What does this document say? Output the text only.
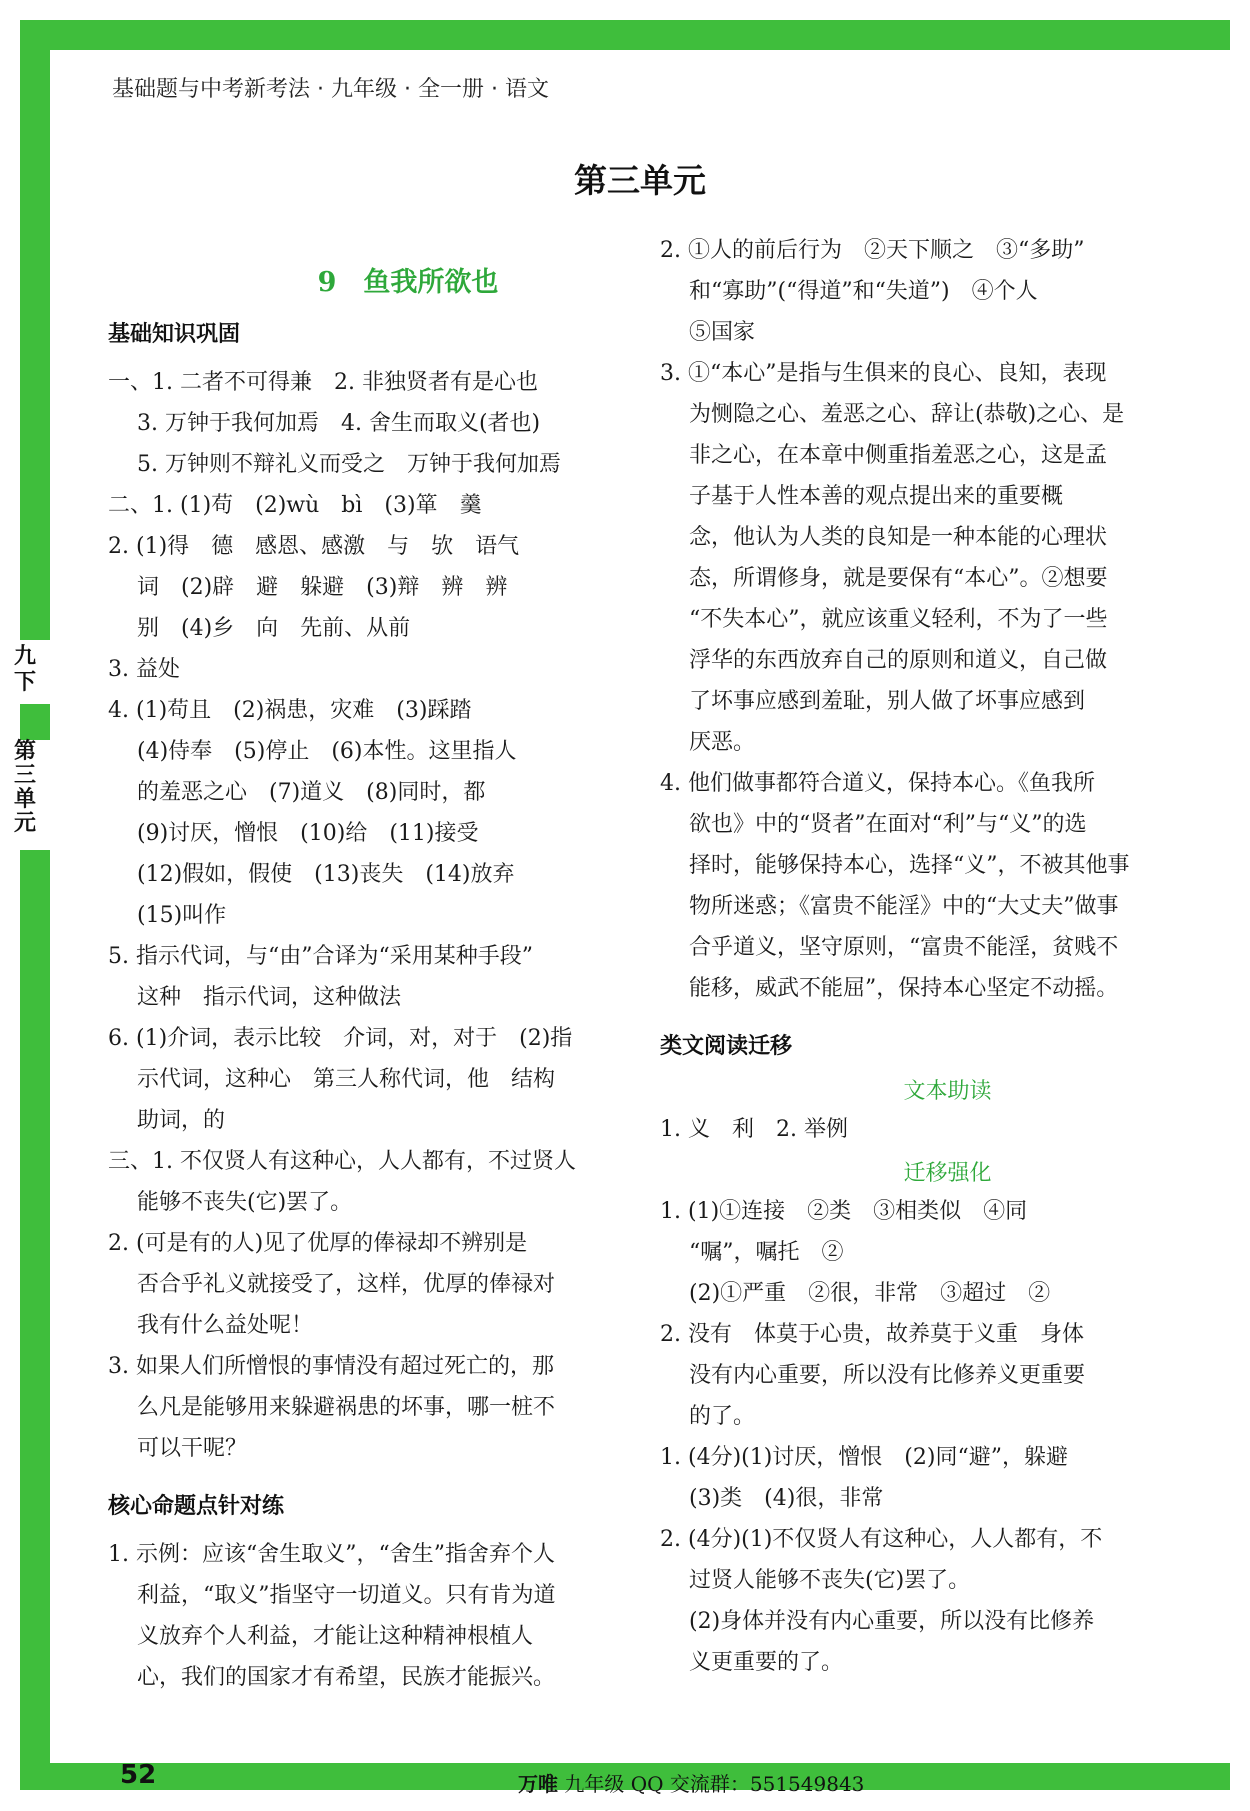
基础题与中考新考法 · 九年级 · 全一册 · 语文
第三单元
9　鱼我所欲也
基础知识巩固
一、1. 二者不可得兼　2. 非独贤者有是心也
　 3. 万钟于我何加焉　4. 舍生而取义(者也)
　 5. 万钟则不辩礼义而受之　万钟于我何加焉
二、1. (1)苟　(2)wù　bì　(3)箪　羹
2. (1)得　德　感恩、感激　与　欤　语气
　 词　(2)辟　避　躲避　(3)辩　辨　辨
　 别　(4)乡　向　先前、从前
3. 益处
4. (1)苟且　(2)祸患，灾难　(3)踩踏
　 (4)侍奉　(5)停止　(6)本性。这里指人
　 的羞恶之心　(7)道义　(8)同时，都
　 (9)讨厌，憎恨　(10)给　(11)接受
　 (12)假如，假使　(13)丧失　(14)放弃
　 (15)叫作
5. 指示代词，与“由”合译为“采用某种手段”
　 这种　指示代词，这种做法
6. (1)介词，表示比较　介词，对，对于　(2)指
　 示代词，这种心　第三人称代词，他　结构
　 助词，的
三、1. 不仅贤人有这种心，人人都有，不过贤人
　 能够不丧失(它)罢了。
2. (可是有的人)见了优厚的俸禄却不辨别是
　 否合乎礼义就接受了，这样，优厚的俸禄对
　 我有什么益处呢！
3. 如果人们所憎恨的事情没有超过死亡的，那
　 么凡是能够用来躲避祸患的坏事，哪一桩不
　 可以干呢？
核心命题点针对练
1. 示例：应该“舍生取义”，“舍生”指舍弃个人
　 利益，“取义”指坚守一切道义。只有肯为道
　 义放弃个人利益，才能让这种精神根植人
　 心，我们的国家才有希望，民族才能振兴。
2. ①人的前后行为　②天下顺之　③“多助”
　 和“寡助”(“得道”和“失道”)　④个人
　 ⑤国家
3. ①“本心”是指与生俱来的良心、良知，表现
　 为恻隐之心、羞恶之心、辞让(恭敬)之心、是
　 非之心，在本章中侧重指羞恶之心，这是孟
　 子基于人性本善的观点提出来的重要概
　 念，他认为人类的良知是一种本能的心理状
　 态，所谓修身，就是要保有“本心”。②想要
　 “不失本心”，就应该重义轻利，不为了一些
　 浮华的东西放弃自己的原则和道义，自己做
　 了坏事应感到羞耻，别人做了坏事应感到
　 厌恶。
4. 他们做事都符合道义，保持本心。《鱼我所
　 欲也》中的“贤者”在面对“利”与“义”的选
　 择时，能够保持本心，选择“义”，不被其他事
　 物所迷惑；《富贵不能淫》中的“大丈夫”做事
　 合乎道义，坚守原则，“富贵不能淫，贫贱不
　 能移，威武不能屈”，保持本心坚定不动摇。
类文阅读迁移
文本助读
1. 义　利　2. 举例
迁移强化
1. (1)①连接　②类　③相类似　④同
　 “嘱”，嘱托　②
　 (2)①严重　②很，非常　③超过　②
2. 没有　体莫于心贵，故养莫于义重　身体
　 没有内心重要，所以没有比修养义更重要
　 的了。
1. (4分)(1)讨厌，憎恨　(2)同“避”，躲避
　 (3)类　(4)很，非常
2. (4分)(1)不仅贤人有这种心，人人都有，不
　 过贤人能够不丧失(它)罢了。
　 (2)身体并没有内心重要，所以没有比修养
　 义更重要的了。
52	万唯 九年级 QQ 交流群：551549843
九
下
第
三
单
元
